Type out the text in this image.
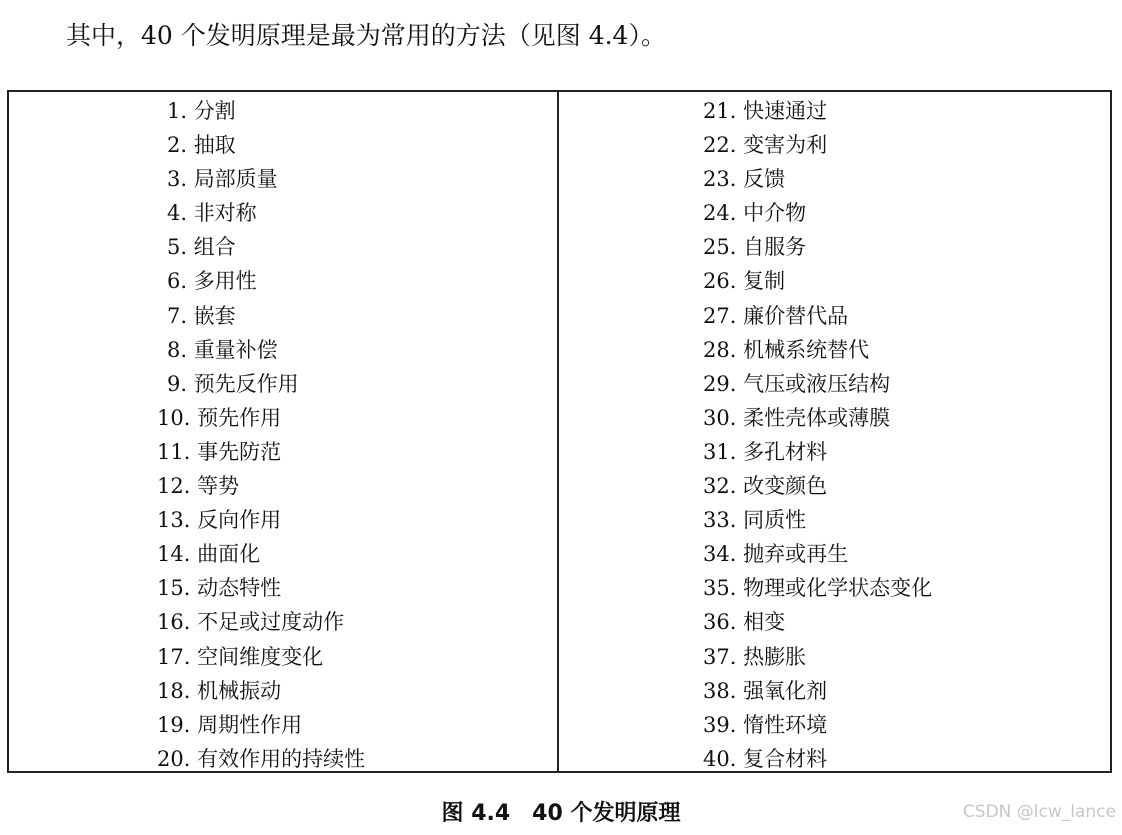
其中，40 个发明原理是最为常用的方法（见图 4.4）。
1. 分割
2. 抽取
3. 局部质量
4. 非对称
5. 组合
6. 多用性
7. 嵌套
8. 重量补偿
9. 预先反作用
10. 预先作用
11. 事先防范
12. 等势
13. 反向作用
14. 曲面化
15. 动态特性
16. 不足或过度动作
17. 空间维度变化
18. 机械振动
19. 周期性作用
20. 有效作用的持续性
21. 快速通过
22. 变害为利
23. 反馈
24. 中介物
25. 自服务
26. 复制
27. 廉价替代品
28. 机械系统替代
29. 气压或液压结构
30. 柔性壳体或薄膜
31. 多孔材料
32. 改变颜色
33. 同质性
34. 抛弃或再生
35. 物理或化学状态变化
36. 相变
37. 热膨胀
38. 强氧化剂
39. 惰性环境
40. 复合材料
图 4.4　40 个发明原理	CSDN @lcw_lance
